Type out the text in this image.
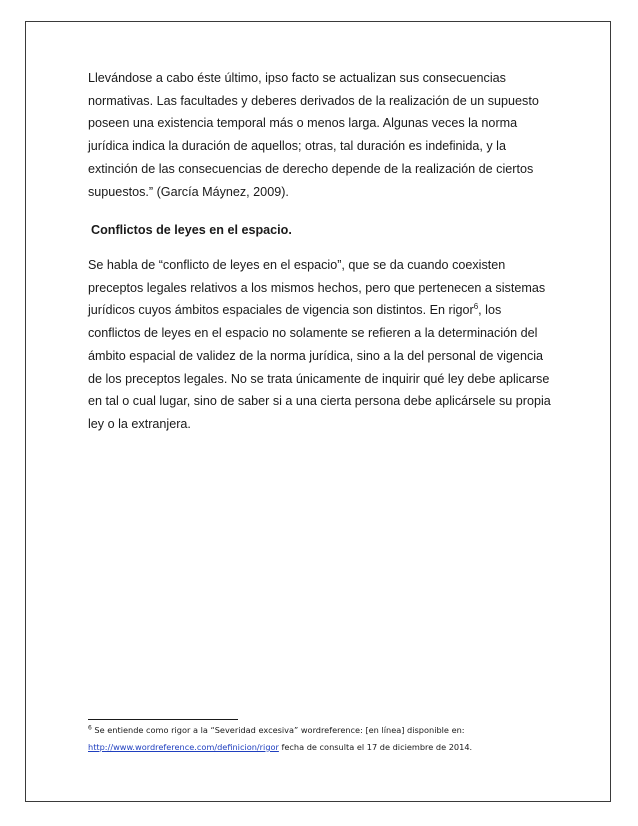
Llevándose a cabo éste último, ipso facto se actualizan sus consecuencias normativas. Las facultades y deberes derivados de la realización de un supuesto poseen una existencia temporal más o menos larga. Algunas veces la norma jurídica indica la duración de aquellos; otras, tal duración es indefinida, y la extinción de las consecuencias de derecho depende de la realización de ciertos supuestos.” (García Máynez, 2009).

Conflictos de leyes en el espacio.

Se habla de “conflicto de leyes en el espacio”, que se da cuando coexisten preceptos legales relativos a los mismos hechos, pero que pertenecen a sistemas jurídicos cuyos ámbitos espaciales de vigencia son distintos. En rigor$^6$, los conflictos de leyes en el espacio no solamente se refieren a la determinación del ámbito espacial de validez de la norma jurídica, sino a la del personal de vigencia de los preceptos legales. No se trata únicamente de inquirir qué ley debe aplicarse en tal o cual lugar, sino de saber si a una cierta persona debe aplicársele su propia ley o la extranjera.

$^6$ Se entiende como rigor a la “Severidad excesiva” wordreference: [en línea] disponible en:
http://www.wordreference.com/definicion/rigor fecha de consulta el 17 de diciembre de 2014.
